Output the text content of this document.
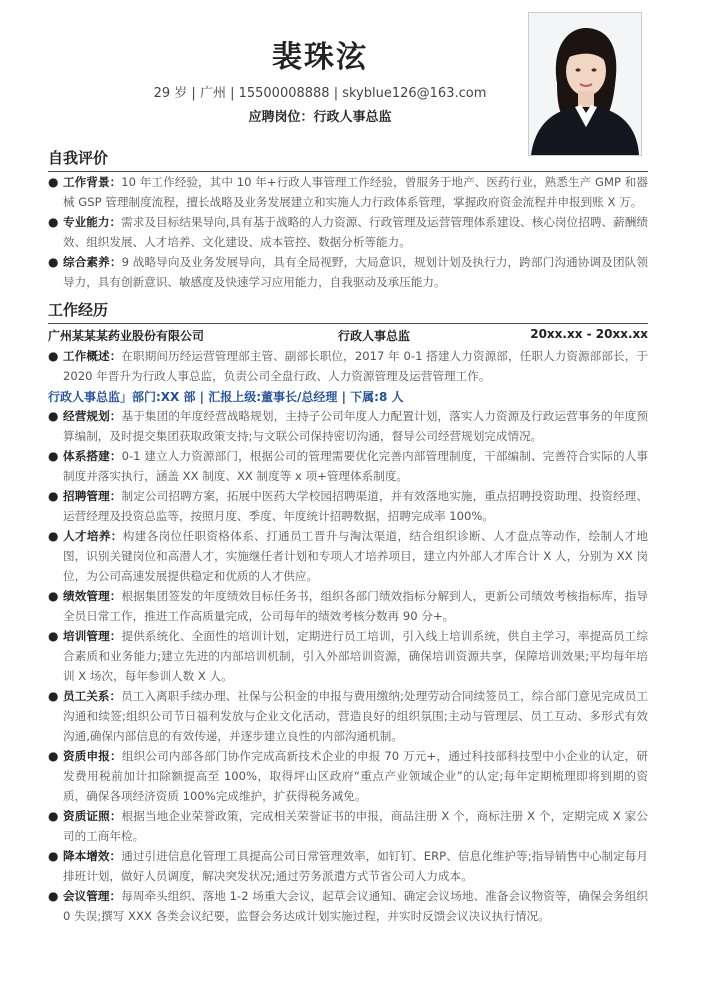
裴珠泫
29 岁 | 广州 | 15500008888 | skyblue126@163.com
应聘岗位：行政人事总监
自我评价

● 工作背景：10 年工作经验，其中 10 年+行政人事管理工作经验，曾服务于地产、医药行业，熟悉生产 GMP 和器械 GSP 管理制度流程，擅长战略及业务发展建立和实施人力行政体系管理，掌握政府资金流程并申报到账 X 万。

● 专业能力：需求及目标结果导向,具有基于战略的人力资源、行政管理及运营管理体系建设、核心岗位招聘、薪酬绩效、组织发展、人才培养、文化建设、成本管控、数据分析等能力。

● 综合素养：9 战略导向及业务发展导向，具有全局视野，大局意识，规划计划及执行力，跨部门沟通协调及团队领导力，具有创新意识、敏感度及快速学习应用能力，自我驱动及承压能力。

工作经历
广州某某某药业股份有限公司	行政人事总监	20xx.xx - 20xx.xx

● 工作概述：在职期间历经运营管理部主管、副部长职位，2017 年 0-1 搭建人力资源部，任职人力资源部部长，于 2020 年晋升为行政人事总监，负责公司全盘行政、人力资源管理及运营管理工作。

行政人事总监」部门:XX 部 | 汇报上级:董事长/总经理 | 下属:8 人

● 经营规划：基于集团的年度经营战略规划，主持子公司年度人力配置计划，落实人力资源及行政运营事务的年度预算编制，及时提交集团获取政策支持;与文联公司保持密切沟通，督导公司经营规划完成情况。

● 体系搭建：0-1 建立人力资源部门，根据公司的管理需要优化完善内部管理制度，干部编制、完善符合实际的人事制度并落实执行，涵盖 XX 制度、XX 制度等 x 项+管理体系制度。

● 招聘管理：制定公司招聘方案，拓展中医药大学校园招聘渠道，并有效落地实施，重点招聘投资助理、投资经理、运营经理及投资总监等，按照月度、季度、年度统计招聘数据，招聘完成率 100%。

● 人才培养：构建各岗位任职资格体系、打通员工晋升与淘汰渠道，结合组织诊断、人才盘点等动作，绘制人才地图，识别关键岗位和高潜人才，实施继任者计划和专项人才培养项目，建立内外部人才库合计 X 人，分别为 XX 岗位，为公司高速发展提供稳定和优质的人才供应。

● 绩效管理：根据集团签发的年度绩效目标任务书，组织各部门绩效指标分解到人，更新公司绩效考核指标库，指导全员日常工作，推进工作高质量完成，公司每年的绩效考核分数再 90 分+。

● 培训管理：提供系统化、全面性的培训计划，定期进行员工培训，引入线上培训系统，供自主学习，率提高员工综合素质和业务能力;建立先进的内部培训机制，引入外部培训资源，确保培训资源共享，保障培训效果;平均每年培训 X 场次，每年参训人数 X 人。

● 员工关系：员工入离职手续办理、社保与公积金的申报与费用缴纳;处理劳动合同续签员工，综合部门意见完成员工沟通和续签;组织公司节日福利发放与企业文化活动，营造良好的组织氛围;主动与管理层、员工互动、多形式有效沟通,确保内部信息的有效传递，并逐步建立良性的内部沟通机制。

● 资质申报：组织公司内部各部门协作完成高新技术企业的申报 70 万元+，通过科技部科技型中小企业的认定，研发费用税前加计扣除额提高至 100%，取得坪山区政府“重点产业领域企业”的认定;每年定期梳理即将到期的资质，确保各项经济资质 100%完成维护，扩获得税务减免。

● 资质证照：根据当地企业荣誉政策，完成相关荣誉证书的申报，商品注册 X 个，商标注册 X 个，定期完成 X 家公司的工商年检。

● 降本增效：通过引进信息化管理工具提高公司日常管理效率，如钉钉、ERP、信息化维护等;指导销售中心制定每月排班计划，做好人员调度，解决突发状况;通过劳务派遣方式节省公司人力成本。

● 会议管理：每周牵头组织、落地 1-2 场重大会议，起草会议通知、确定会议场地、准备会议物资等，确保会务组织 0 失误;撰写 XXX 各类会议纪要，监督会务达成计划实施过程，并实时反馈会议决议执行情况。
